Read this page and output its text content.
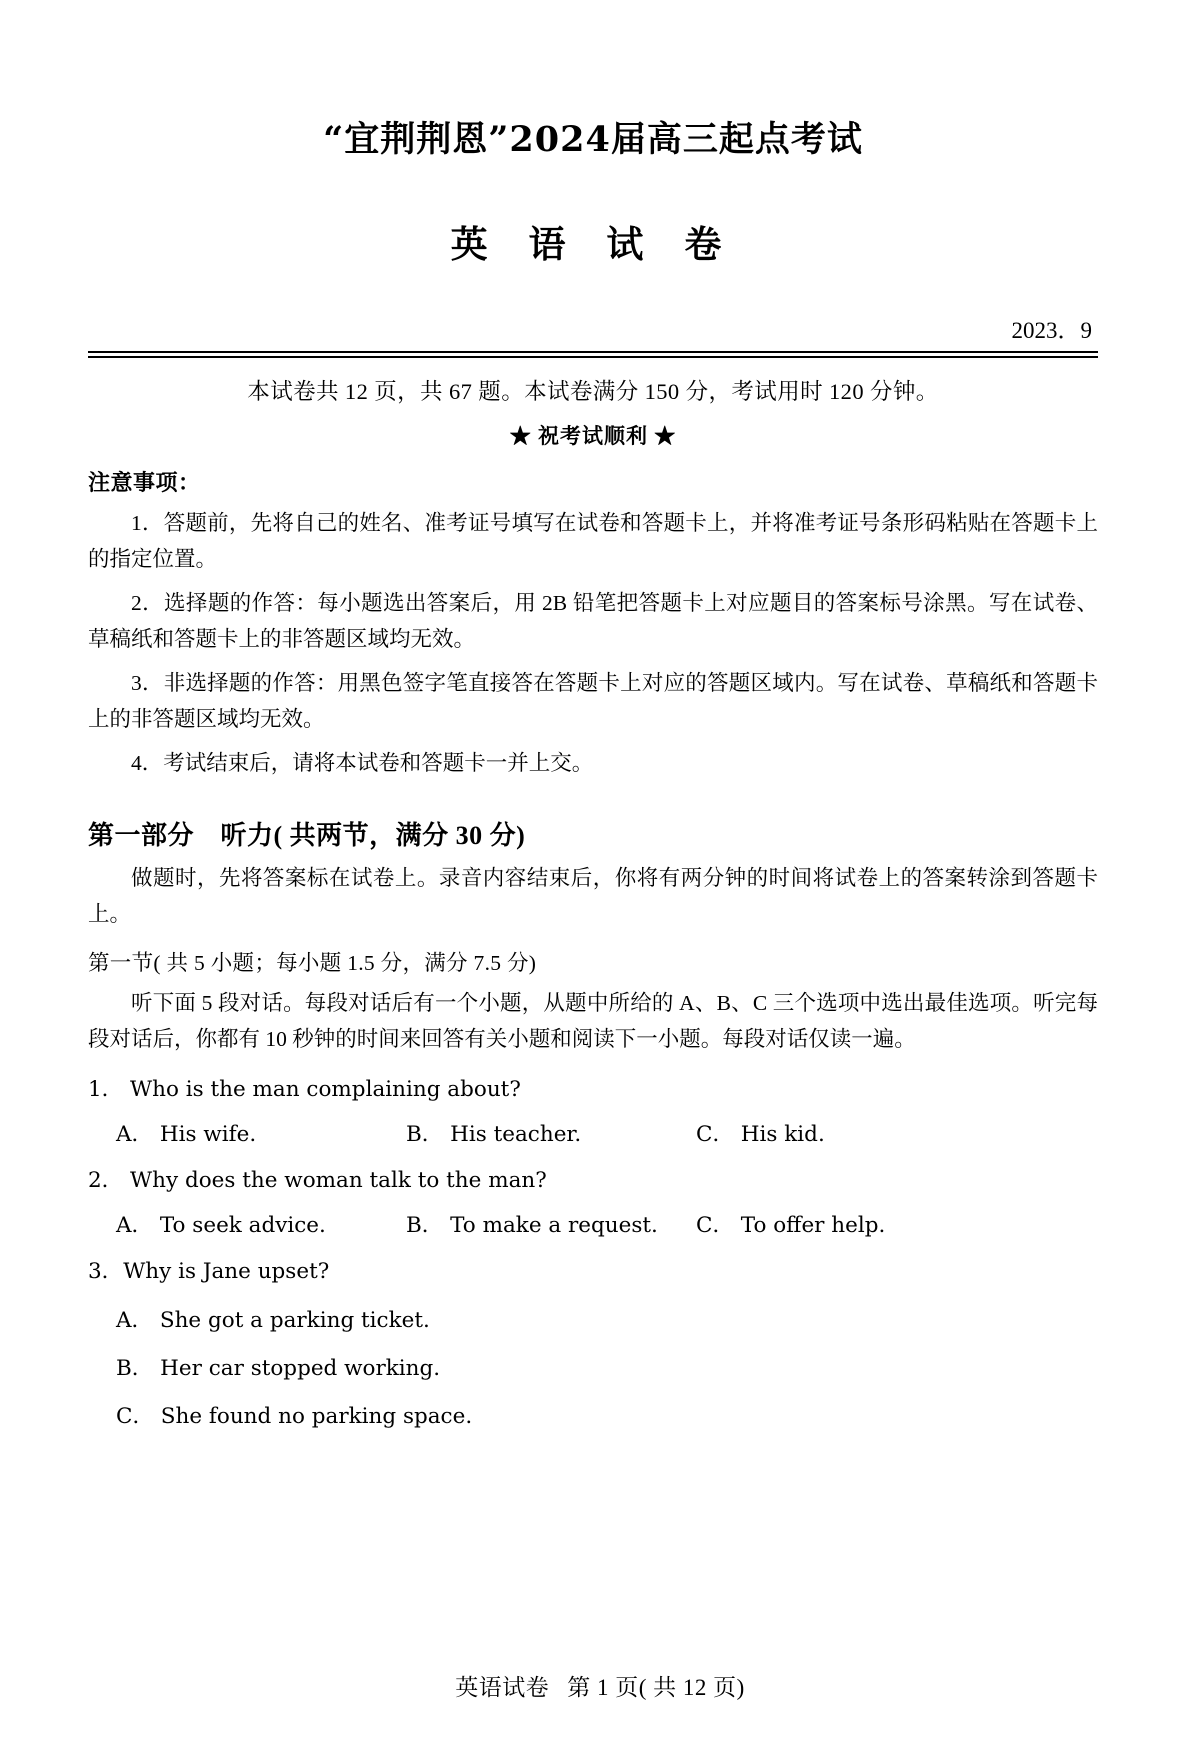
“宜荆荆恩”2024届高三起点考试
英 语 试 卷
2023．9
本试卷共 12 页，共 67 题。本试卷满分 150 分，考试用时 120 分钟。
★ 祝考试顺利 ★
注意事项：
1．答题前，先将自己的姓名、准考证号填写在试卷和答题卡上，并将准考证号条形码粘贴在答题卡上的指定位置。
2．选择题的作答：每小题选出答案后，用 2B 铅笔把答题卡上对应题目的答案标号涂黑。写在试卷、草稿纸和答题卡上的非答题区域均无效。
3．非选择题的作答：用黑色签字笔直接答在答题卡上对应的答题区域内。写在试卷、草稿纸和答题卡上的非答题区域均无效。
4．考试结束后，请将本试卷和答题卡一并上交。
第一部分　听力( 共两节，满分 30 分)
做题时，先将答案标在试卷上。录音内容结束后，你将有两分钟的时间将试卷上的答案转涂到答题卡上。
第一节( 共 5 小题；每小题 1.5 分，满分 7.5 分)
听下面 5 段对话。每段对话后有一个小题，从题中所给的 A、B、C 三个选项中选出最佳选项。听完每段对话后，你都有 10 秒钟的时间来回答有关小题和阅读下一小题。每段对话仅读一遍。
1． Who is the man complaining about?
A． His wife.	B． His teacher.	C． His kid.
2． Why does the woman talk to the man?
A． To seek advice.	B． To make a request.	C． To offer help.
3．Why is Jane upset?
A． She got a parking ticket.
B． Her car stopped working.
C． She found no parking space.
英语试卷 第 1 页( 共 12 页)
